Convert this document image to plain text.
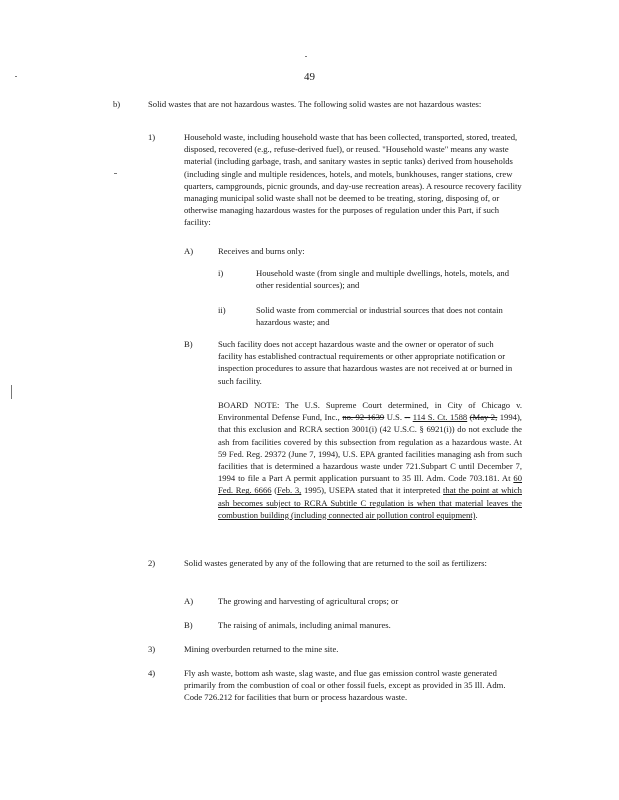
49
b)	Solid wastes that are not hazardous wastes. The following solid wastes are not hazardous wastes:
1)	Household waste, including household waste that has been collected, transported, stored, treated, disposed, recovered (e.g., refuse-derived fuel), or reused. "Household waste" means any waste material (including garbage, trash, and sanitary wastes in septic tanks) derived from households (including single and multiple residences, hotels, and motels, bunkhouses, ranger stations, crew quarters, campgrounds, picnic grounds, and day-use recreation areas). A resource recovery facility managing municipal solid waste shall not be deemed to be treating, storing, disposing of, or otherwise managing hazardous wastes for the purposes of regulation under this Part, if such facility:
A)	Receives and burns only:
i)	Household waste (from single and multiple dwellings, hotels, motels, and other residential sources); and
ii)	Solid waste from commercial or industrial sources that does not contain hazardous waste; and
B)	Such facility does not accept hazardous waste and the owner or operator of such facility has established contractual requirements or other appropriate notification or inspection procedures to assure that hazardous wastes are not received at or burned in such facility.
BOARD NOTE: The U.S. Supreme Court determined, in City of Chicago v. Environmental Defense Fund, Inc., no. 92-1639 U.S. -- 114 S. Ct. 1588 (May 2, 1994), that this exclusion and RCRA section 3001(i) (42 U.S.C. § 6921(i)) do not exclude the ash from facilities covered by this subsection from regulation as a hazardous waste. At 59 Fed. Reg. 29372 (June 7, 1994), U.S. EPA granted facilities managing ash from such facilities that is determined a hazardous waste under 721.Subpart C until December 7, 1994 to file a Part A permit application pursuant to 35 Ill. Adm. Code 703.181. At 60 Fed. Reg. 6666 (Feb. 3, 1995), USEPA stated that it interpreted that the point at which ash becomes subject to RCRA Subtitle C regulation is when that material leaves the combustion building (including connected air pollution control equipment).
2)	Solid wastes generated by any of the following that are returned to the soil as fertilizers:
A)	The growing and harvesting of agricultural crops; or
B)	The raising of animals, including animal manures.
3)	Mining overburden returned to the mine site.
4)	Fly ash waste, bottom ash waste, slag waste, and flue gas emission control waste generated primarily from the combustion of coal or other fossil fuels, except as provided in 35 Ill. Adm. Code 726.212 for facilities that burn or process hazardous waste.
